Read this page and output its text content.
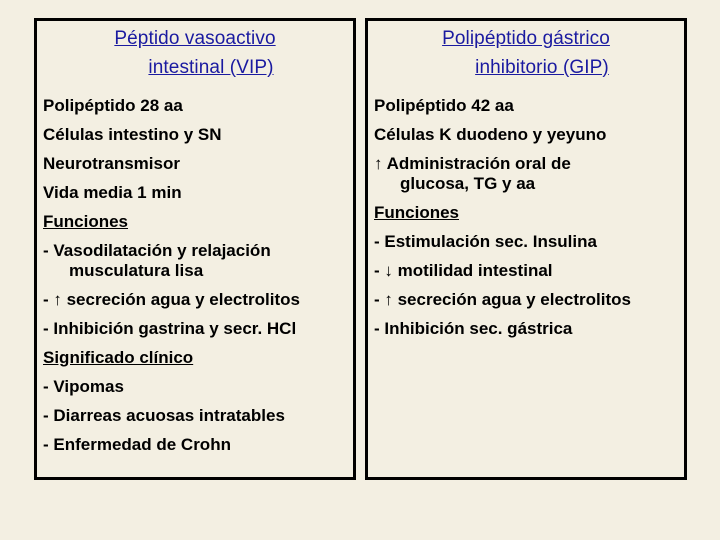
Péptido vasoactivo

intestinal (VIP)
Polipéptido 28 aa
Células intestino y SN
Neurotransmisor
Vida media 1 min
Funciones
- Vasodilatación y relajación
musculatura lisa
- ↑ secreción agua y electrolitos
- Inhibición gastrina y secr. HCl
Significado clínico
- Vipomas
- Diarreas acuosas intratables
- Enfermedad de Crohn
Polipéptido gástrico

inhibitorio (GIP)
Polipéptido 42 aa
Células K duodeno y yeyuno
↑ Administración oral de
glucosa, TG y aa
Funciones
- Estimulación sec. Insulina
- ↓ motilidad intestinal
- ↑ secreción agua y electrolitos
- Inhibición sec. gástrica
